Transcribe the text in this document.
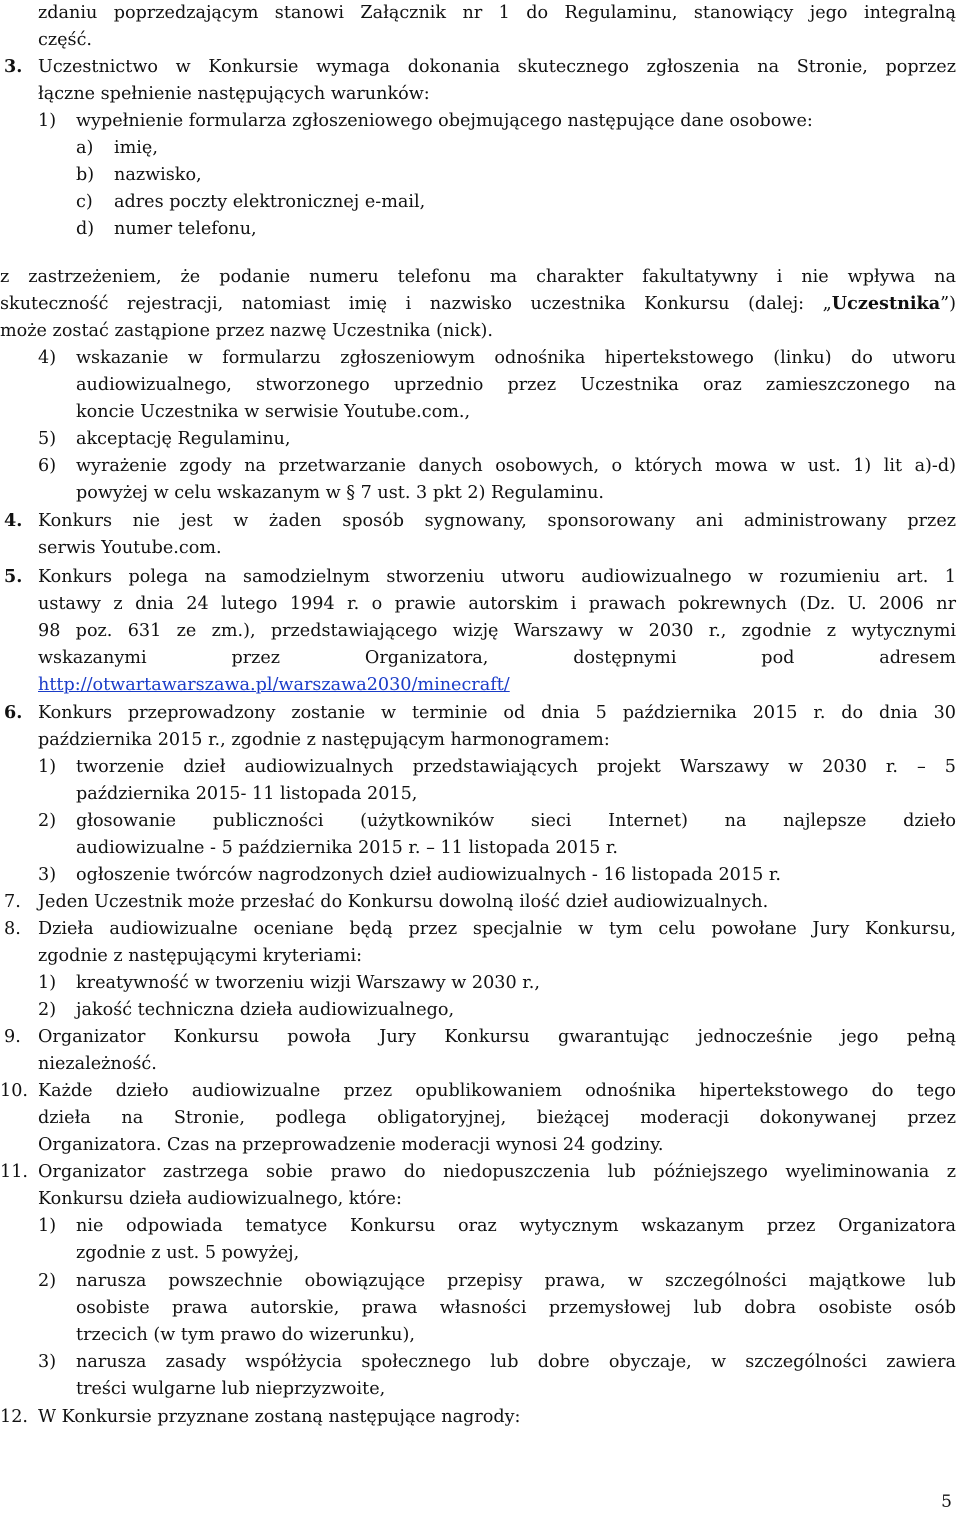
zdaniu poprzedzającym stanowi Załącznik nr 1 do Regulaminu, stanowiący jego integralną
część.
3. Uczestnictwo w Konkursie wymaga dokonania skutecznego zgłoszenia na Stronie, poprzez
łączne spełnienie następujących warunków:
1) wypełnienie formularza zgłoszeniowego obejmującego następujące dane osobowe:
a) imię,
b) nazwisko,
c) adres poczty elektronicznej e-mail,
d) numer telefonu,
z zastrzeżeniem, że podanie numeru telefonu ma charakter fakultatywny i nie wpływa na
skuteczność rejestracji, natomiast imię i nazwisko uczestnika Konkursu (dalej: „ Uczestnika ”)
może zostać zastąpione przez nazwę Uczestnika (nick).
4) wskazanie w formularzu zgłoszeniowym odnośnika hipertekstowego (linku) do utworu
audiowizualnego, stworzonego uprzednio przez Uczestnika oraz zamieszczonego na
koncie Uczestnika w serwisie Youtube.com.,
5) akceptację Regulaminu,
6) wyrażenie zgody na przetwarzanie danych osobowych, o których mowa w ust. 1) lit a)-d)
powyżej w celu wskazanym w § 7 ust. 3 pkt 2) Regulaminu.
4. Konkurs nie jest w żaden sposób sygnowany, sponsorowany ani administrowany przez
serwis Youtube.com.
5. Konkurs polega na samodzielnym stworzeniu utworu audiowizualnego w rozumieniu art. 1
ustawy z dnia 24 lutego 1994 r. o prawie autorskim i prawach pokrewnych (Dz. U. 2006 nr
98 poz. 631 ze zm.), przedstawiającego wizję Warszawy w 2030 r., zgodnie z wytycznymi
wskazanymi przez Organizatora, dostępnymi pod adresem
http://otwartawarszawa.pl/warszawa2030/minecraft/
6. Konkurs przeprowadzony zostanie w terminie od dnia 5 października 2015 r. do dnia 30
października 2015 r., zgodnie z następującym harmonogramem:
1) tworzenie dzieł audiowizualnych przedstawiających projekt Warszawy w 2030 r. – 5
października 2015- 11 listopada 2015,
2) głosowanie publiczności (użytkowników sieci Internet) na najlepsze dzieło
audiowizualne - 5 października 2015 r. – 11 listopada 2015 r.
3) ogłoszenie twórców nagrodzonych dzieł audiowizualnych - 16 listopada 2015 r.
7. Jeden Uczestnik może przesłać do Konkursu dowolną ilość dzieł audiowizualnych.
8. Dzieła audiowizualne oceniane będą przez specjalnie w tym celu powołane Jury Konkursu,
zgodnie z następującymi kryteriami:
1) kreatywność w tworzeniu wizji Warszawy w 2030 r.,
2) jakość techniczna dzieła audiowizualnego,
9. Organizator Konkursu powoła Jury Konkursu gwarantując jednocześnie jego pełną
niezależność.
10. Każde dzieło audiowizualne przez opublikowaniem odnośnika hipertekstowego do tego
dzieła na Stronie, podlega obligatoryjnej, bieżącej moderacji dokonywanej przez
Organizatora. Czas na przeprowadzenie moderacji wynosi 24 godziny.
11. Organizator zastrzega sobie prawo do niedopuszczenia lub późniejszego wyeliminowania z
Konkursu dzieła audiowizualnego, które:
1) nie odpowiada tematyce Konkursu oraz wytycznym wskazanym przez Organizatora
zgodnie z ust. 5 powyżej,
2) narusza powszechnie obowiązujące przepisy prawa, w szczególności majątkowe lub
osobiste prawa autorskie, prawa własności przemysłowej lub dobra osobiste osób
trzecich (w tym prawo do wizerunku),
3) narusza zasady współżycia społecznego lub dobre obyczaje, w szczególności zawiera
treści wulgarne lub nieprzyzwoite,
12. W Konkursie przyznane zostaną następujące nagrody:
5
